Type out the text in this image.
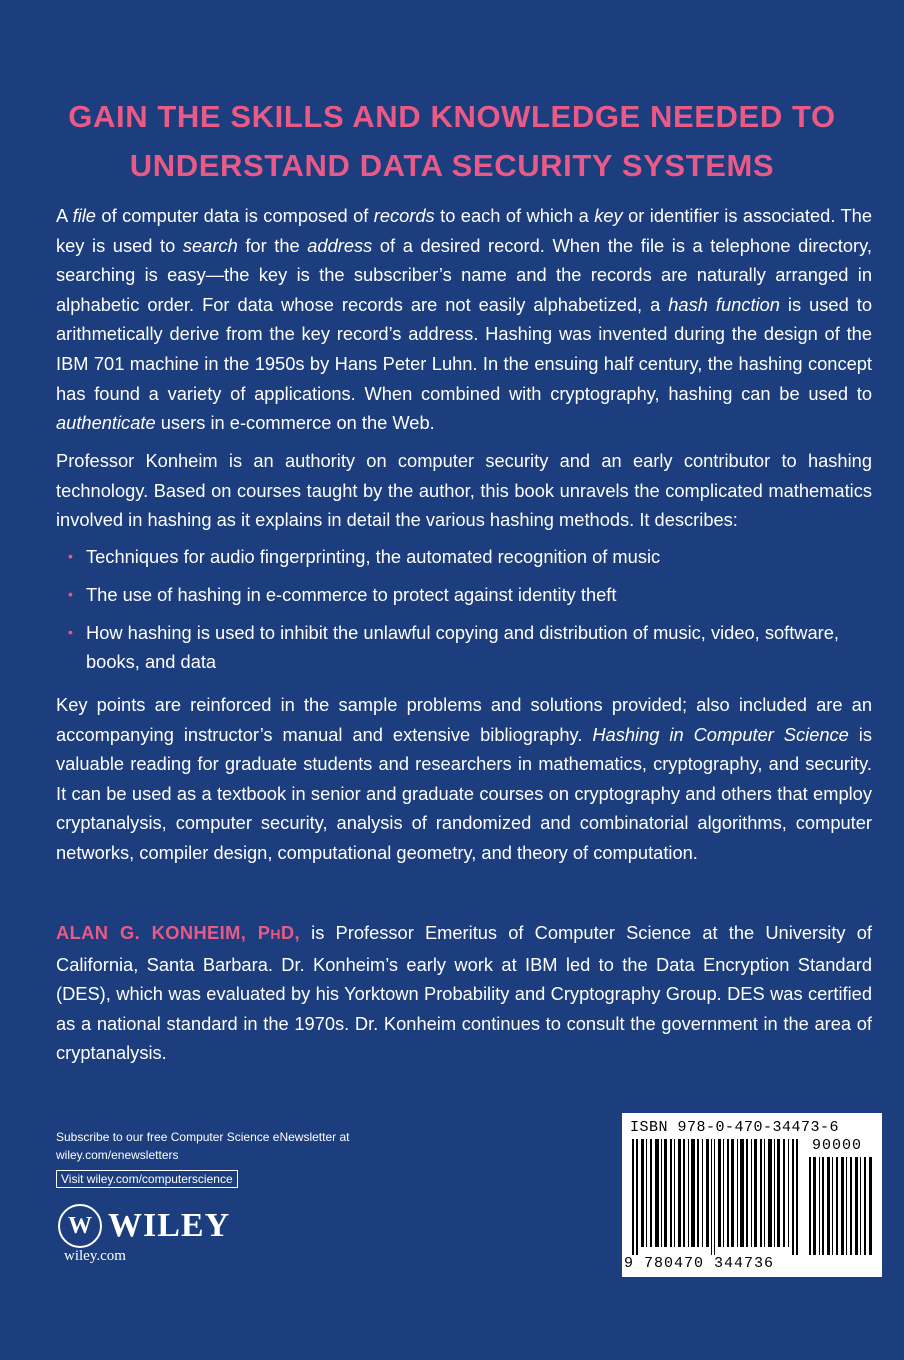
GAIN THE SKILLS AND KNOWLEDGE NEEDED TO
UNDERSTAND DATA SECURITY SYSTEMS
A file of computer data is composed of records to each of which a key or identifier is associated. The key is used to search for the address of a desired record. When the file is a telephone directory, searching is easy—the key is the subscriber’s name and the records are naturally arranged in alphabetic order. For data whose records are not easily alphabetized, a hash function is used to arithmetically derive from the key record’s address. Hashing was invented during the design of the IBM 701 machine in the 1950s by Hans Peter Luhn. In the ensuing half century, the hashing concept has found a variety of applications. When combined with cryptography, hashing can be used to authenticate users in e-commerce on the Web.
Professor Konheim is an authority on computer security and an early contributor to hashing technology. Based on courses taught by the author, this book unravels the complicated mathematics involved in hashing as it explains in detail the various hashing methods. It describes:
• Techniques for audio fingerprinting, the automated recognition of music
• The use of hashing in e-commerce to protect against identity theft
• How hashing is used to inhibit the unlawful copying and distribution of music, video, software, books, and data
Key points are reinforced in the sample problems and solutions provided; also included are an accompanying instructor’s manual and extensive bibliography. Hashing in Computer Science is valuable reading for graduate students and researchers in mathematics, cryptography, and security. It can be used as a textbook in senior and graduate courses on cryptography and others that employ cryptanalysis, computer security, analysis of randomized and combinatorial algorithms, computer networks, compiler design, computational geometry, and theory of computation.
ALAN G. KONHEIM, PHD, is Professor Emeritus of Computer Science at the University of California, Santa Barbara. Dr. Konheim’s early work at IBM led to the Data Encryption Standard (DES), which was evaluated by his Yorktown Probability and Cryptography Group. DES was certified as a national standard in the 1970s. Dr. Konheim continues to consult the government in the area of cryptanalysis.
Subscribe to our free Computer Science eNewsletter at wiley.com/enewsletters
Visit wiley.com/computerscience
W WILEY
wiley.com
ISBN 978-0-470-34473-6
90000
9 780470 344736
